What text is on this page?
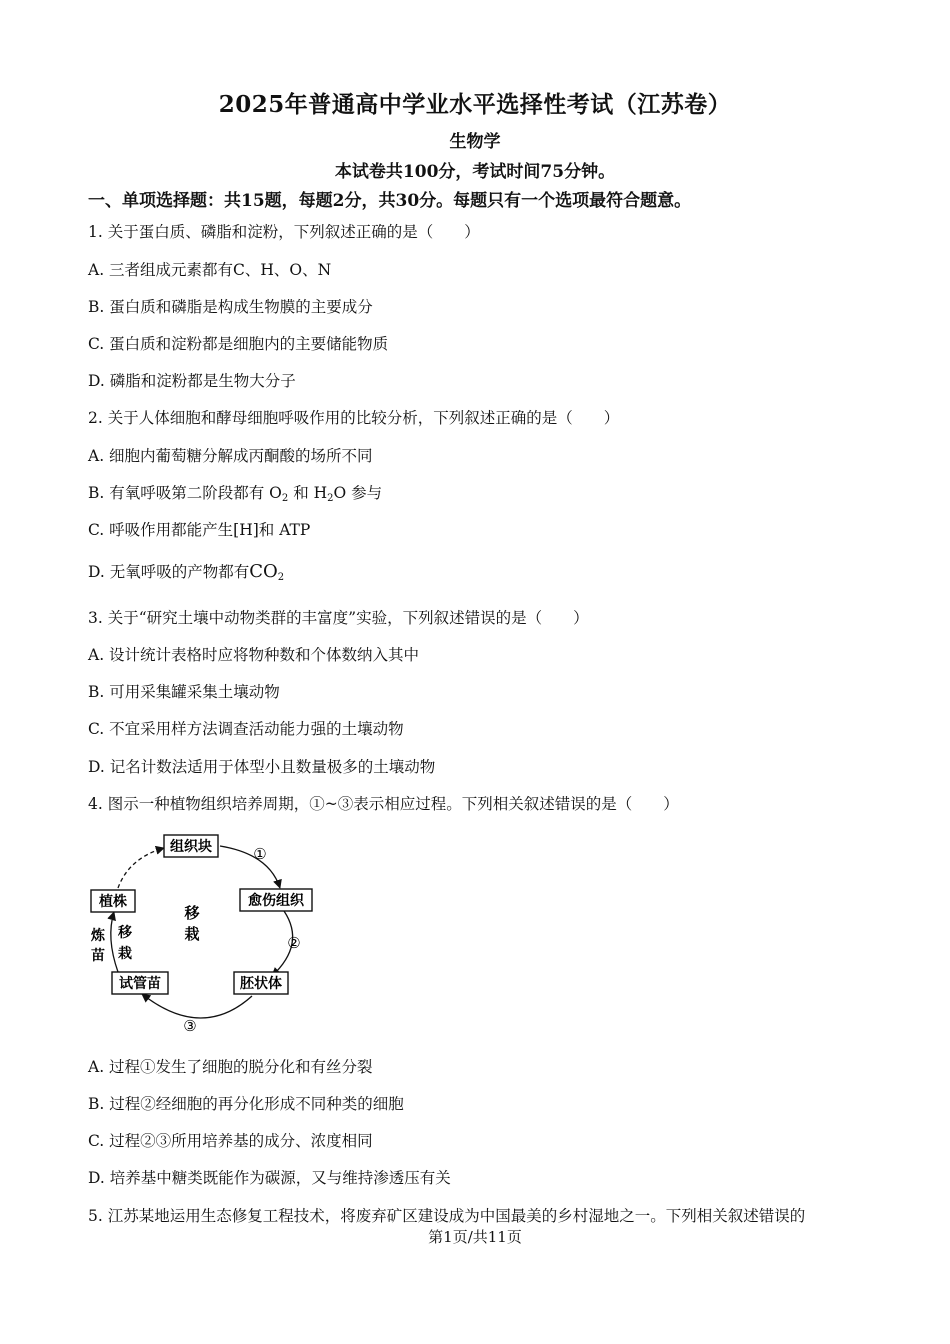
2025年普通高中学业水平选择性考试（江苏卷）
生物学
本试卷共100分，考试时间75分钟。
一、单项选择题：共15题，每题2分，共30分。每题只有一个选项最符合题意。
1. 关于蛋白质、磷脂和淀粉，下列叙述正确的是（　　）
A. 三者组成元素都有C、H、O、N
B. 蛋白质和磷脂是构成生物膜的主要成分
C. 蛋白质和淀粉都是细胞内的主要储能物质
D. 磷脂和淀粉都是生物大分子
2. 关于人体细胞和酵母细胞呼吸作用的比较分析，下列叙述正确的是（　　）
A. 细胞内葡萄糖分解成丙酮酸的场所不同
B. 有氧呼吸第二阶段都有 $O_2$ 和 $H_2O$ 参与
C. 呼吸作用都能产生[H]和 ATP
D. 无氧呼吸的产物都有$CO_2$
3. 关于“研究土壤中动物类群的丰富度”实验，下列叙述错误的是（　　）
A. 设计统计表格时应将物种数和个体数纳入其中
B. 可用采集罐采集土壤动物
C. 不宜采用样方法调查活动能力强的土壤动物
D. 记名计数法适用于体型小且数量极多的土壤动物
4. 图示一种植物组织培养周期，①~③表示相应过程。下列相关叙述错误的是（　　）
组织块
愈伤组织
胚状体
试管苗
植株
移
栽
炼
苗
移
栽
①
②
③
A. 过程①发生了细胞的脱分化和有丝分裂
B. 过程②经细胞的再分化形成不同种类的细胞
C. 过程②③所用培养基的成分、浓度相同
D. 培养基中糖类既能作为碳源，又与维持渗透压有关
5. 江苏某地运用生态修复工程技术，将废弃矿区建设成为中国最美的乡村湿地之一。下列相关叙述错误的
第1页/共11页
